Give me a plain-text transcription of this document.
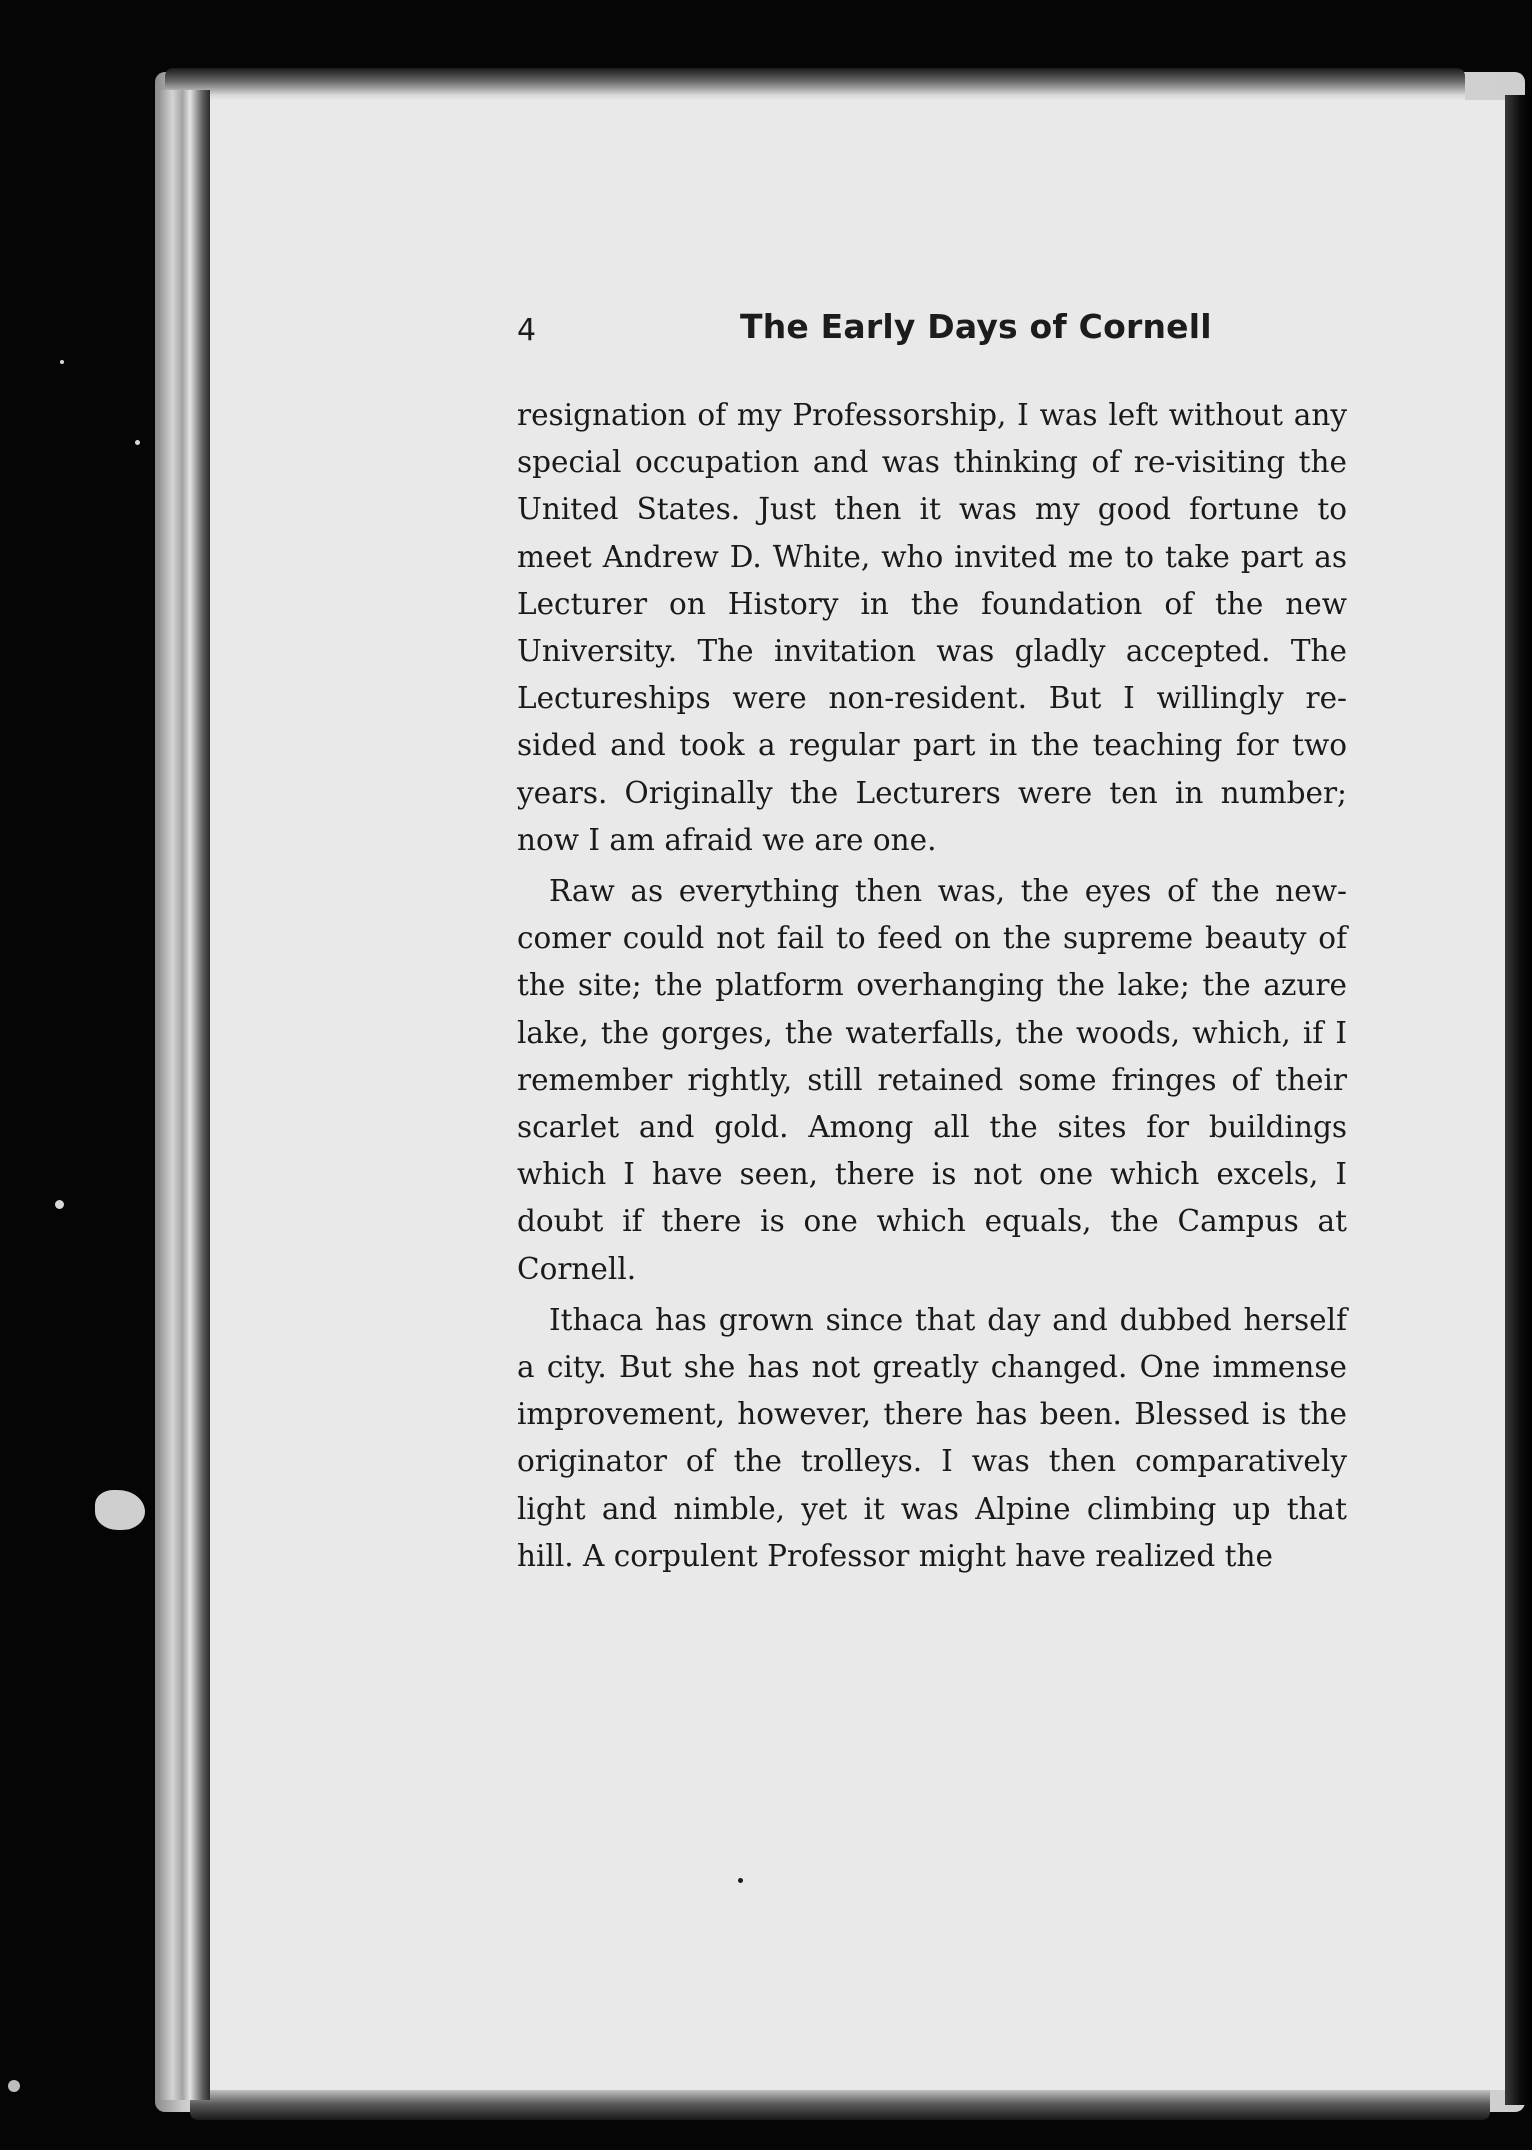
4	The Early Days of Cornell

resignation of my Professorship, I was left without any special occupation and was thinking of re-visiting the United States. Just then it was my good fortune to meet Andrew D. White, who invited me to take part as Lecturer on History in the foundation of the new University. The invitation was gladly accepted. The Lectureships were non-resident. But I willingly re-sided and took a regular part in the teaching for two years. Originally the Lecturers were ten in number; now I am afraid we are one.

Raw as everything then was, the eyes of the new-comer could not fail to feed on the supreme beauty of the site; the platform overhanging the lake; the azure lake, the gorges, the waterfalls, the woods, which, if I remember rightly, still retained some fringes of their scarlet and gold. Among all the sites for buildings which I have seen, there is not one which excels, I doubt if there is one which equals, the Campus at Cornell.

Ithaca has grown since that day and dubbed herself a city. But she has not greatly changed. One immense improvement, however, there has been. Blessed is the originator of the trolleys. I was then comparatively light and nimble, yet it was Alpine climbing up that hill. A corpulent Professor might have realized the
